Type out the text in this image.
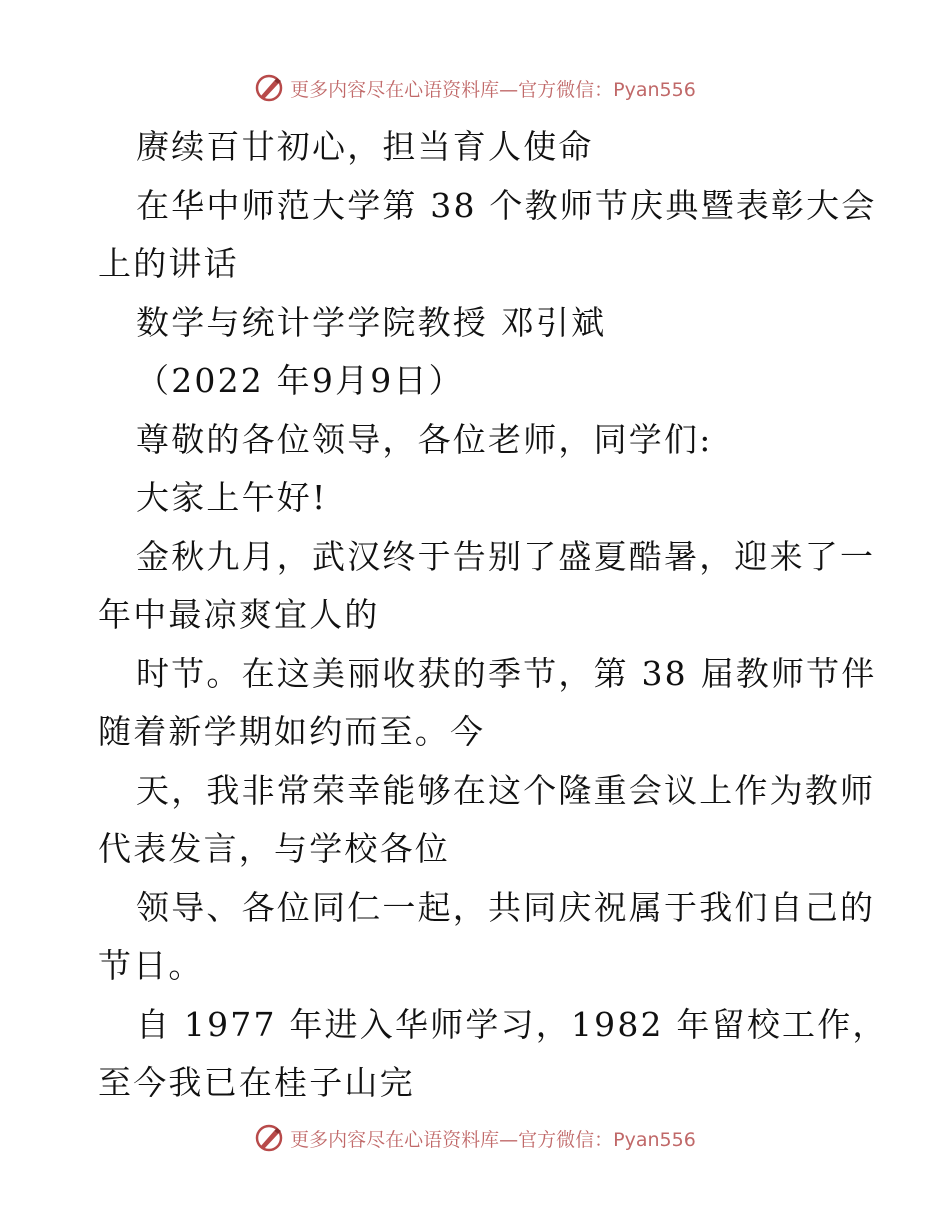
更多内容尽在心语资料库—官方微信：Pyan556
赓续百廿初心，担当育人使命
在华中师范大学第 38 个教师节庆典暨表彰大会
上的讲话
数学与统计学学院教授 邓引斌
（2022 年9月9日）
尊敬的各位领导，各位老师，同学们:
大家上午好!
金秋九月，武汉终于告别了盛夏酷暑，迎来了一
年中最凉爽宜人的
时节。在这美丽收获的季节，第 38 届教师节伴
随着新学期如约而至。今
天，我非常荣幸能够在这个隆重会议上作为教师
代表发言，与学校各位
领导、各位同仁一起，共同庆祝属于我们自己的
节日。
自 1977 年进入华师学习，1982 年留校工作，
至今我已在桂子山完
更多内容尽在心语资料库—官方微信：Pyan556
